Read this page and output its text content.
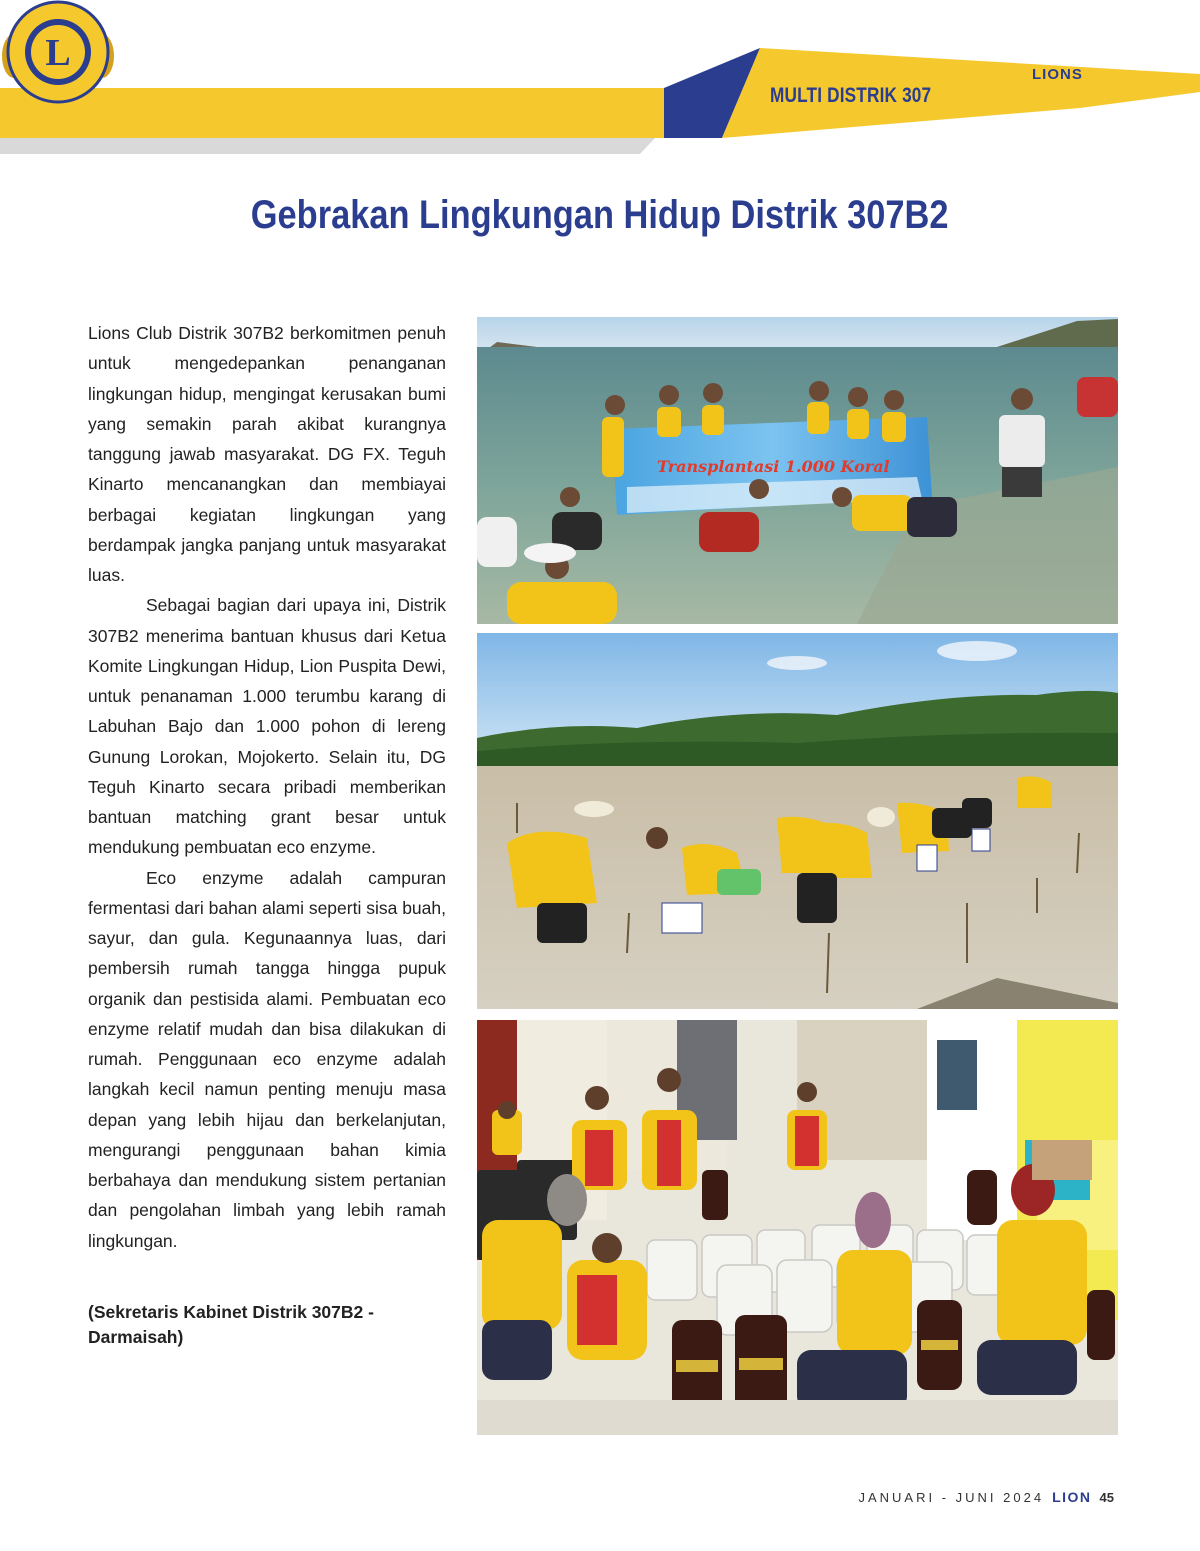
MULTI DISTRIK 307
L
LIONS
Gebrakan Lingkungan Hidup Distrik 307B2

Lions Club Distrik 307B2 berkomitmen penuh untuk mengedepankan penanganan lingkungan hidup, mengingat kerusakan bumi yang semakin parah akibat kurangnya tanggung jawab masyarakat. DG FX. Teguh Kinarto mencanangkan dan membiayai berbagai kegiatan lingkungan yang berdampak jangka panjang untuk masyarakat luas.

Sebagai bagian dari upaya ini, Distrik 307B2 menerima bantuan khusus dari Ketua Komite Lingkungan Hidup, Lion Puspita Dewi, untuk penanaman 1.000 terumbu karang di Labuhan Bajo dan 1.000 pohon di lereng Gunung Lorokan, Mojokerto. Selain itu, DG Teguh Kinarto secara pribadi memberikan bantuan matching grant besar untuk mendukung pembuatan eco enzyme.

Eco enzyme adalah campuran fermentasi dari bahan alami seperti sisa buah, sayur, dan gula. Kegunaannya luas, dari pembersih rumah tangga hingga pupuk organik dan pestisida alami. Pembuatan eco enzyme relatif mudah dan bisa dilakukan di rumah. Penggunaan eco enzyme adalah langkah kecil namun penting menuju masa depan yang lebih hijau dan berkelanjutan, mengurangi penggunaan bahan kimia berbahaya dan mendukung sistem pertanian dan pengolahan limbah yang lebih ramah lingkungan.

(Sekretaris Kabinet Distrik 307B2 - Darmaisah)
Transplantasi 1.000 Koral
JANUARI - JUNI 2024 LION 45
